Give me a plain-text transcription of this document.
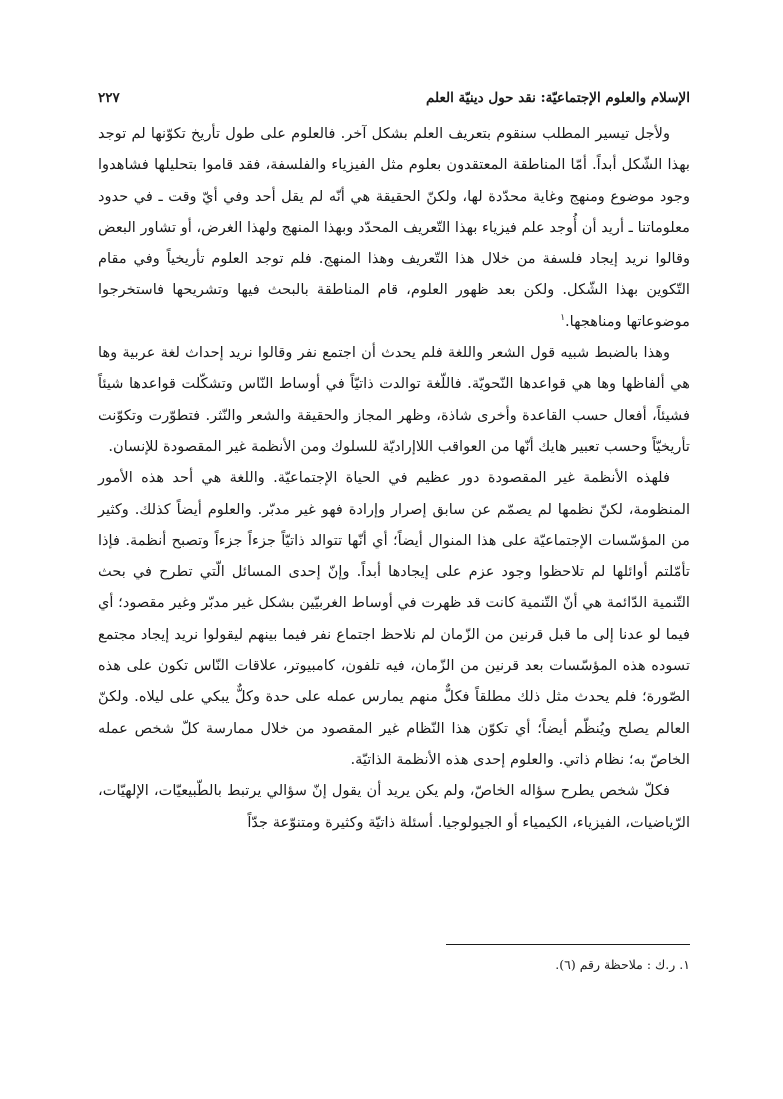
الإسلام والعلوم الإجتماعيّة: نقد حول دينيّة العلم
٢٢٧

ولأجل تيسير المطلب سنقوم بتعريف العلم بشكل آخر. فالعلوم على طول تأريخ تكوّنها لم توجد بهذا الشّكل أبداً. أمّا المناطقة المعتقدون بعلوم مثل الفيزياء والفلسفة، فقد قاموا بتحليلها فشاهدوا وجود موضوع ومنهج وغاية محدّدة لها، ولكنّ الحقيقة هي أنّه لم يقل أحد وفي أيّ وقت ـ في حدود معلوماتنا ـ أريد أن أُوجد علم فيزياء بهذا التّعريف المحدّد وبهذا المنهج ولهذا الغرض، أو تشاور البعض وقالوا نريد إيجاد فلسفة من خلال هذا التّعريف وهذا المنهج. فلم توجد العلوم تأريخياً وفي مقام التّكوين بهذا الشّكل. ولكن بعد ظهور العلوم، قام المناطقة بالبحث فيها وتشريحها فاستخرجوا موضوعاتها ومناهجها.$^١$

وهذا بالضبط شبيه قول الشعر واللغة فلم يحدث أن اجتمع نفر وقالوا نريد إحداث لغة عربية وها هي ألفاظها وها هي قواعدها النّحويّة. فاللّغة توالدت ذاتيّاً في أوساط النّاس وتشكّلت قواعدها شيئاً فشيئاً، أفعال حسب القاعدة وأخرى شاذة، وظهر المجاز والحقيقة والشعر والنّثر. فتطوّرت وتكوّنت تأريخيّاً وحسب تعبير هايك أنّها من العواقب اللاإراديّة للسلوك ومن الأنظمة غير المقصودة للإنسان.

فلهذه الأنظمة غير المقصودة دور عظيم في الحياة الإجتماعيّة. واللغة هي أحد هذه الأمور المنظومة، لكنّ نظمها لم يصمّم عن سابق إصرار وإرادة فهو غير مدبّر. والعلوم أيضاً كذلك. وكثير من المؤسّسات الإجتماعيّة على هذا المنوال أيضاً؛ أي أنّها تتوالد ذاتيّاً جزءاً جزءاً وتصبح أنظمة. فإذا تأمّلتم أوائلها لم تلاحظوا وجود عزم على إيجادها أبداً. وإنّ إحدى المسائل الّتي تطرح في بحث التّنمية الدّائمة هي أنّ التّنمية كانت قد ظهرت في أوساط الغربيّين بشكل غير مدبّر وغير مقصود؛ أي فيما لو عدنا إلى ما قبل قرنين من الزّمان لم نلاحظ اجتماع نفر فيما بينهم ليقولوا نريد إيجاد مجتمع تسوده هذه المؤسّسات بعد قرنين من الزّمان، فيه تلفون، كامبيوتر، علاقات النّاس تكون على هذه الصّورة؛ فلم يحدث مثل ذلك مطلقاً فكلٌّ منهم يمارس عمله على حدة وكلٌّ يبكي على ليلاه. ولكنّ العالم يصلح ويُنظّم أيضاً؛ أي تكوّن هذا النّظام غير المقصود من خلال ممارسة كلّ شخص عمله الخاصّ به؛ نظام ذاتي. والعلوم إحدى هذه الأنظمة الذاتيّة.

فكلّ شخص يطرح سؤاله الخاصّ، ولم يكن يريد أن يقول إنّ سؤالي يرتبط بالطّبيعيّات، الإلهيّات، الرّياضيات، الفيزياء، الكيمياء أو الجيولوجيا. أسئلة ذاتيّة وكثيرة ومتنوّعة جدّاً

١. ر.ك : ملاحظة رقم (٦).
